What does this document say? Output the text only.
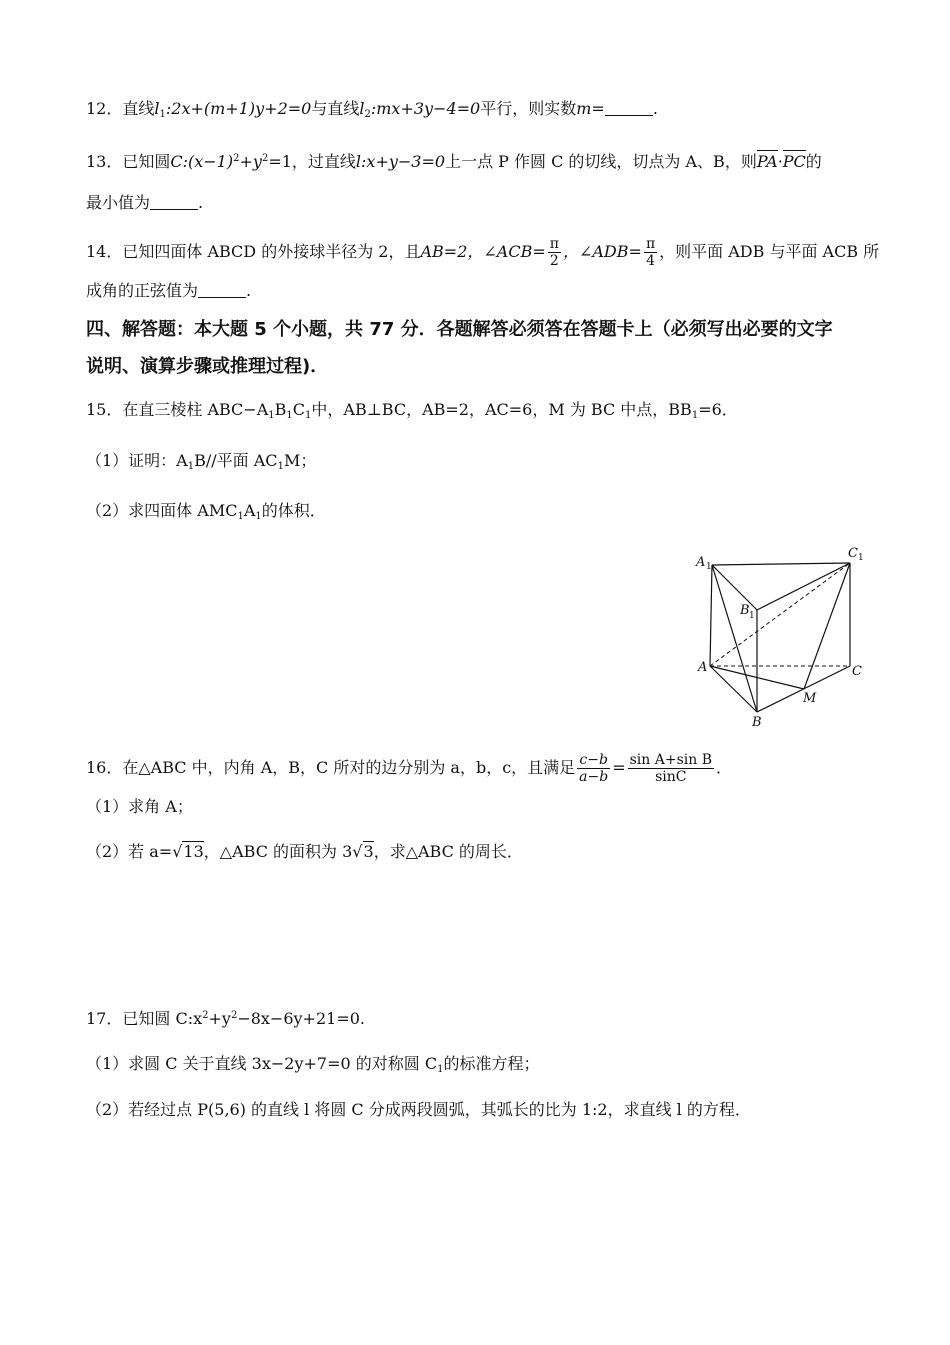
12．直线$l_1:2x+(m+1)y+2=0$与直线$l_2:mx+3y-4=0$平行，则实数m=	.
13．已知圆$C:(x-1)^2+y^2=1$，过直线l:x+y−3=0上一点 P 作圆 C 的切线，切点为 A、B，则PA·PC的
最小值为	.
14．已知四面体 ABCD 的外接球半径为 2，且AB=2，∠ACB= $\frac{\pi}{2}$ ，∠ADB= $\frac{\pi}{4}$ ，则平面 ADB 与平面 ACB 所
成角的正弦值为	.
四、解答题：本大题 5 个小题，共 77 分．各题解答必须答在答题卡上（必须写出必要的文字
说明、演算步骤或推理过程)．
15．在直三棱柱 $ABC-A_1B_1C_1$中，AB⊥BC，AB=2，AC=6，M 为 BC 中点，$BB_1=6$．
（1）证明：$A_1B//$平面 $AC_1M$；
（2）求四面体 $AMC_1A_1$的体积．
A 1
C 1
B 1
A	C
B
M
16．在△ABC 中，内角 A，B，C 所对的边分别为 a，b，c，且满足 $\frac{c-b}{a-b} = \frac{\text{sin A+sin B}}{\sin C}$ ．
（1）求角 A；
（2）若 a=√13，△ABC 的面积为 3√3，求△ABC 的周长．
17．已知圆 $C:x^2+y^2-8x-6y+21=0$.
（1）求圆 C 关于直线 3x−2y+7=0 的对称圆 $C_1$的标准方程；
（2）若经过点 P(5,6) 的直线 l 将圆 C 分成两段圆弧，其弧长的比为 1:2，求直线 l 的方程．
